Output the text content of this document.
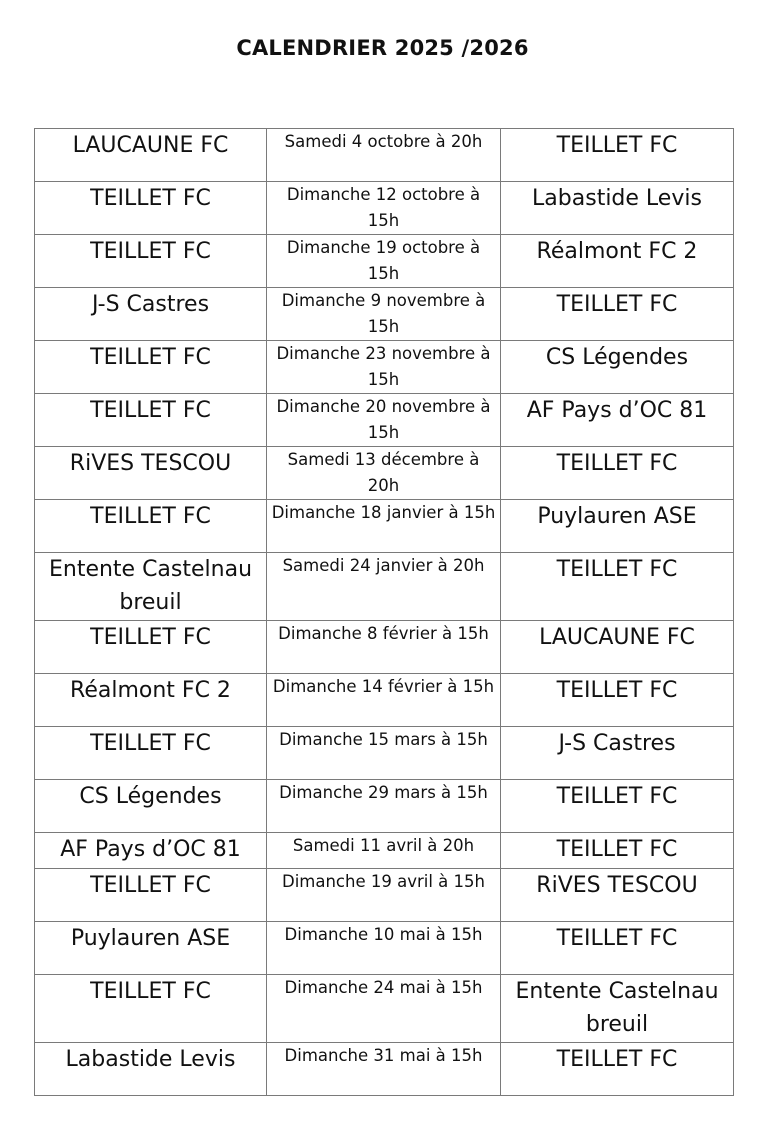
CALENDRIER 2025 /2026
LAUCAUNE FC	Samedi 4 octobre à 20h	TEILLET FC
TEILLET FC	Dimanche 12 octobre à 15h	Labastide Levis
TEILLET FC	Dimanche 19 octobre à 15h	Réalmont FC 2
J-S Castres	Dimanche 9 novembre à 15h	TEILLET FC
TEILLET FC	Dimanche 23 novembre à 15h	CS Légendes
TEILLET FC	Dimanche 20 novembre à 15h	AF Pays d’OC 81
RiVES TESCOU	Samedi 13 décembre à 20h	TEILLET FC
TEILLET FC	Dimanche 18 janvier à 15h	Puylauren ASE
Entente Castelnau breuil	Samedi 24 janvier à 20h	TEILLET FC
TEILLET FC	Dimanche 8 février à 15h	LAUCAUNE FC
Réalmont FC 2	Dimanche 14 février à 15h	TEILLET FC
TEILLET FC	Dimanche 15 mars à 15h	J-S Castres
CS Légendes	Dimanche 29 mars à 15h	TEILLET FC
AF Pays d’OC 81	Samedi 11 avril à 20h	TEILLET FC
TEILLET FC	Dimanche 19 avril à 15h	RiVES TESCOU
Puylauren ASE	Dimanche 10 mai à 15h	TEILLET FC
TEILLET FC	Dimanche 24 mai à 15h	Entente Castelnau breuil
Labastide Levis	Dimanche 31 mai à 15h	TEILLET FC
